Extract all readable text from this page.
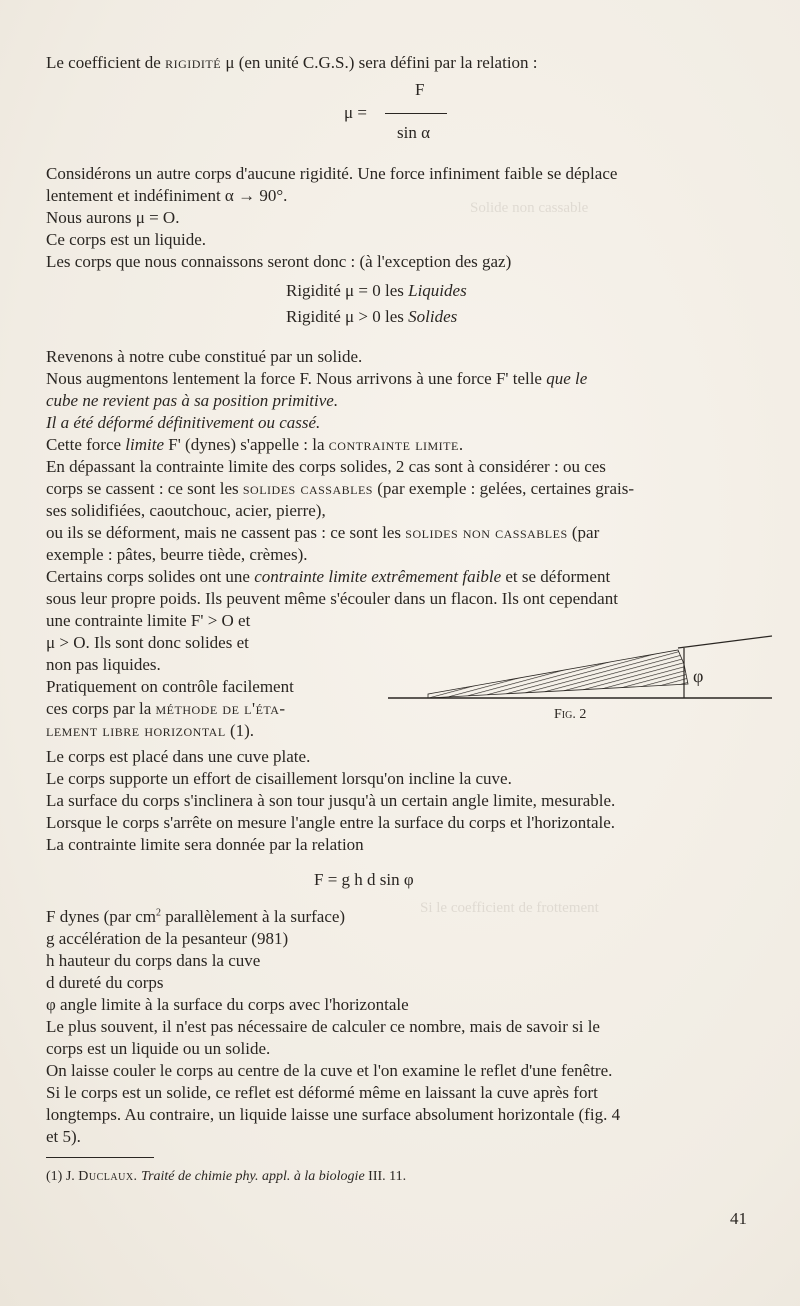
Solide non cassable
Si le coefficient de frottement
Le coefficient de rigidité μ (en unité C.G.S.) sera défini par la relation :
F
μ =
sin α
Considérons un autre corps d'aucune rigidité. Une force infiniment faible se déplace
lentement et indéfiniment α → 90°.
Nous aurons μ = O.
Ce corps est un liquide.
Les corps que nous connaissons seront donc : (à l'exception des gaz)
Rigidité μ = 0 les Liquides
Rigidité μ > 0 les Solides
Revenons à notre cube constitué par un solide.
Nous augmentons lentement la force F. Nous arrivons à une force F' telle que le
cube ne revient pas à sa position primitive.
Il a été déformé définitivement ou cassé.
Cette force limite F' (dynes) s'appelle : la contrainte limite.
En dépassant la contrainte limite des corps solides, 2 cas sont à considérer : ou ces
corps se cassent : ce sont les solides cassables (par exemple : gelées, certaines grais-
ses solidifiées, caoutchouc, acier, pierre),
ou ils se déforment, mais ne cassent pas : ce sont les solides non cassables (par
exemple : pâtes, beurre tiède, crèmes).
Certains corps solides ont une contrainte limite extrêmement faible et se déforment
sous leur propre poids. Ils peuvent même s'écouler dans un flacon. Ils ont cependant
une contrainte limite F' > O et
μ > O. Ils sont donc solides et
non pas liquides.
Pratiquement on contrôle facilement
ces corps par la méthode de l'éta-
lement libre horizontal (1).
φ
Fig. 2
Le corps est placé dans une cuve plate.
Le corps supporte un effort de cisaillement lorsqu'on incline la cuve.
La surface du corps s'inclinera à son tour jusqu'à un certain angle limite, mesurable.
Lorsque le corps s'arrête on mesure l'angle entre la surface du corps et l'horizontale.
La contrainte limite sera donnée par la relation
F = g h d sin φ
F dynes (par $cm^2$ parallèlement à la surface)
g accélération de la pesanteur (981)
h hauteur du corps dans la cuve
d dureté du corps
φ angle limite à la surface du corps avec l'horizontale
Le plus souvent, il n'est pas nécessaire de calculer ce nombre, mais de savoir si le
corps est un liquide ou un solide.
On laisse couler le corps au centre de la cuve et l'on examine le reflet d'une fenêtre.
Si le corps est un solide, ce reflet est déformé même en laissant la cuve après fort
longtemps. Au contraire, un liquide laisse une surface absolument horizontale (fig. 4
et 5).
(1) J. Duclaux. Traité de chimie phy. appl. à la biologie III. 11.
41
